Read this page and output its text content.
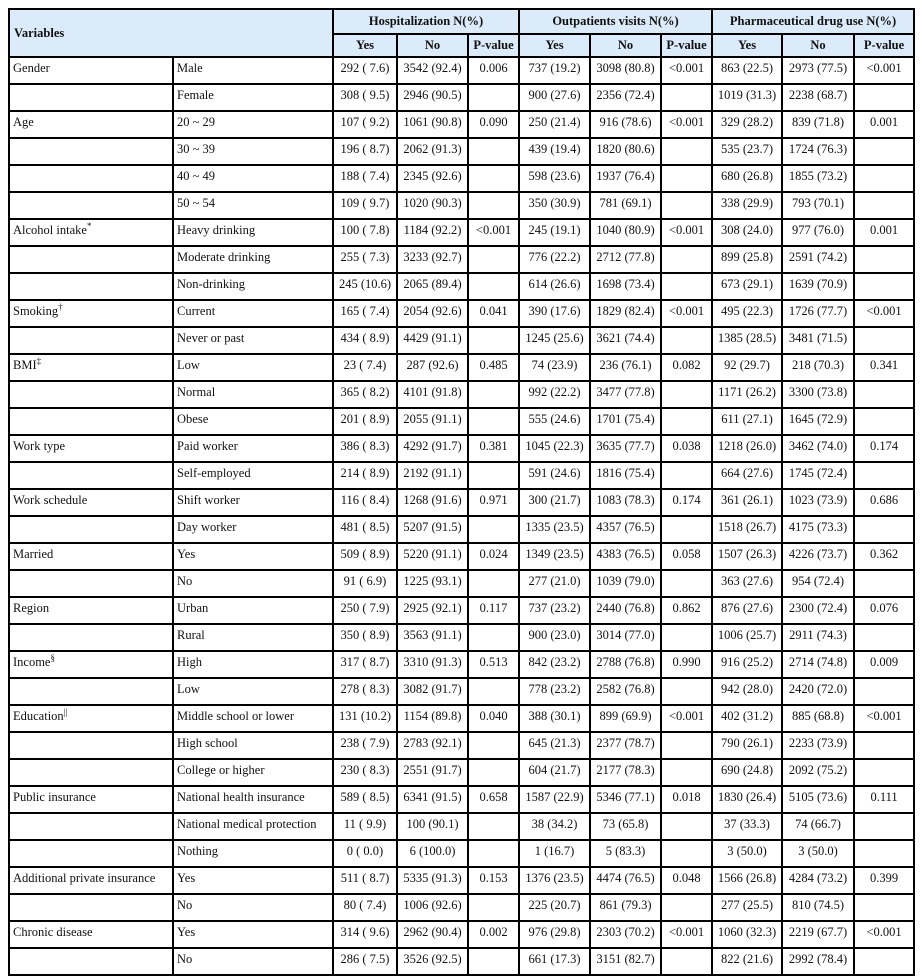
Variables		Hospitalization N(%)			Outpatients visits N(%)			Pharmaceutical drug use N(%)		
		Yes	No	P-value	Yes	No	P-value	Yes	No	P-value
Gender	Male	292 ( 7.6)	3542 (92.4)	0.006	737 (19.2)	3098 (80.8)	<0.001	863 (22.5)	2973 (77.5)	<0.001
	Female	308 ( 9.5)	2946 (90.5)		900 (27.6)	2356 (72.4)		1019 (31.3)	2238 (68.7)	
Age	20 ~ 29	107 ( 9.2)	1061 (90.8)	0.090	250 (21.4)	916 (78.6)	<0.001	329 (28.2)	839 (71.8)	0.001
	30 ~ 39	196 ( 8.7)	2062 (91.3)		439 (19.4)	1820 (80.6)		535 (23.7)	1724 (76.3)	
	40 ~ 49	188 ( 7.4)	2345 (92.6)		598 (23.6)	1937 (76.4)		680 (26.8)	1855 (73.2)	
	50 ~ 54	109 ( 9.7)	1020 (90.3)		350 (30.9)	781 (69.1)		338 (29.9)	793 (70.1)	
Alcohol intake*	Heavy drinking	100 ( 7.8)	1184 (92.2)	<0.001	245 (19.1)	1040 (80.9)	<0.001	308 (24.0)	977 (76.0)	0.001
	Moderate drinking	255 ( 7.3)	3233 (92.7)		776 (22.2)	2712 (77.8)		899 (25.8)	2591 (74.2)	
	Non-drinking	245 (10.6)	2065 (89.4)		614 (26.6)	1698 (73.4)		673 (29.1)	1639 (70.9)	
Smoking†	Current	165 ( 7.4)	2054 (92.6)	0.041	390 (17.6)	1829 (82.4)	<0.001	495 (22.3)	1726 (77.7)	<0.001
	Never or past	434 ( 8.9)	4429 (91.1)		1245 (25.6)	3621 (74.4)		1385 (28.5)	3481 (71.5)	
BMI‡	Low	23 ( 7.4)	287 (92.6)	0.485	74 (23.9)	236 (76.1)	0.082	92 (29.7)	218 (70.3)	0.341
	Normal	365 ( 8.2)	4101 (91.8)		992 (22.2)	3477 (77.8)		1171 (26.2)	3300 (73.8)	
	Obese	201 ( 8.9)	2055 (91.1)		555 (24.6)	1701 (75.4)		611 (27.1)	1645 (72.9)	
Work type	Paid worker	386 ( 8.3)	4292 (91.7)	0.381	1045 (22.3)	3635 (77.7)	0.038	1218 (26.0)	3462 (74.0)	0.174
	Self-employed	214 ( 8.9)	2192 (91.1)		591 (24.6)	1816 (75.4)		664 (27.6)	1745 (72.4)	
Work schedule	Shift worker	116 ( 8.4)	1268 (91.6)	0.971	300 (21.7)	1083 (78.3)	0.174	361 (26.1)	1023 (73.9)	0.686
	Day worker	481 ( 8.5)	5207 (91.5)		1335 (23.5)	4357 (76.5)		1518 (26.7)	4175 (73.3)	
Married	Yes	509 ( 8.9)	5220 (91.1)	0.024	1349 (23.5)	4383 (76.5)	0.058	1507 (26.3)	4226 (73.7)	0.362
	No	91 ( 6.9)	1225 (93.1)		277 (21.0)	1039 (79.0)		363 (27.6)	954 (72.4)	
Region	Urban	250 ( 7.9)	2925 (92.1)	0.117	737 (23.2)	2440 (76.8)	0.862	876 (27.6)	2300 (72.4)	0.076
	Rural	350 ( 8.9)	3563 (91.1)		900 (23.0)	3014 (77.0)		1006 (25.7)	2911 (74.3)	
Income§	High	317 ( 8.7)	3310 (91.3)	0.513	842 (23.2)	2788 (76.8)	0.990	916 (25.2)	2714 (74.8)	0.009
	Low	278 ( 8.3)	3082 (91.7)		778 (23.2)	2582 (76.8)		942 (28.0)	2420 (72.0)	
Education||	Middle school or lower	131 (10.2)	1154 (89.8)	0.040	388 (30.1)	899 (69.9)	<0.001	402 (31.2)	885 (68.8)	<0.001
	High school	238 ( 7.9)	2783 (92.1)		645 (21.3)	2377 (78.7)		790 (26.1)	2233 (73.9)	
	College or higher	230 ( 8.3)	2551 (91.7)		604 (21.7)	2177 (78.3)		690 (24.8)	2092 (75.2)	
Public insurance	National health insurance	589 ( 8.5)	6341 (91.5)	0.658	1587 (22.9)	5346 (77.1)	0.018	1830 (26.4)	5105 (73.6)	0.111
	National medical protection	11 ( 9.9)	100 (90.1)		38 (34.2)	73 (65.8)		37 (33.3)	74 (66.7)	
	Nothing	0 ( 0.0)	6 (100.0)		1 (16.7)	5 (83.3)		3 (50.0)	3 (50.0)	
Additional private insurance	Yes	511 ( 8.7)	5335 (91.3)	0.153	1376 (23.5)	4474 (76.5)	0.048	1566 (26.8)	4284 (73.2)	0.399
	No	80 ( 7.4)	1006 (92.6)		225 (20.7)	861 (79.3)		277 (25.5)	810 (74.5)	
Chronic disease	Yes	314 ( 9.6)	2962 (90.4)	0.002	976 (29.8)	2303 (70.2)	<0.001	1060 (32.3)	2219 (67.7)	<0.001
	No	286 ( 7.5)	3526 (92.5)		661 (17.3)	3151 (82.7)		822 (21.6)	2992 (78.4)	
